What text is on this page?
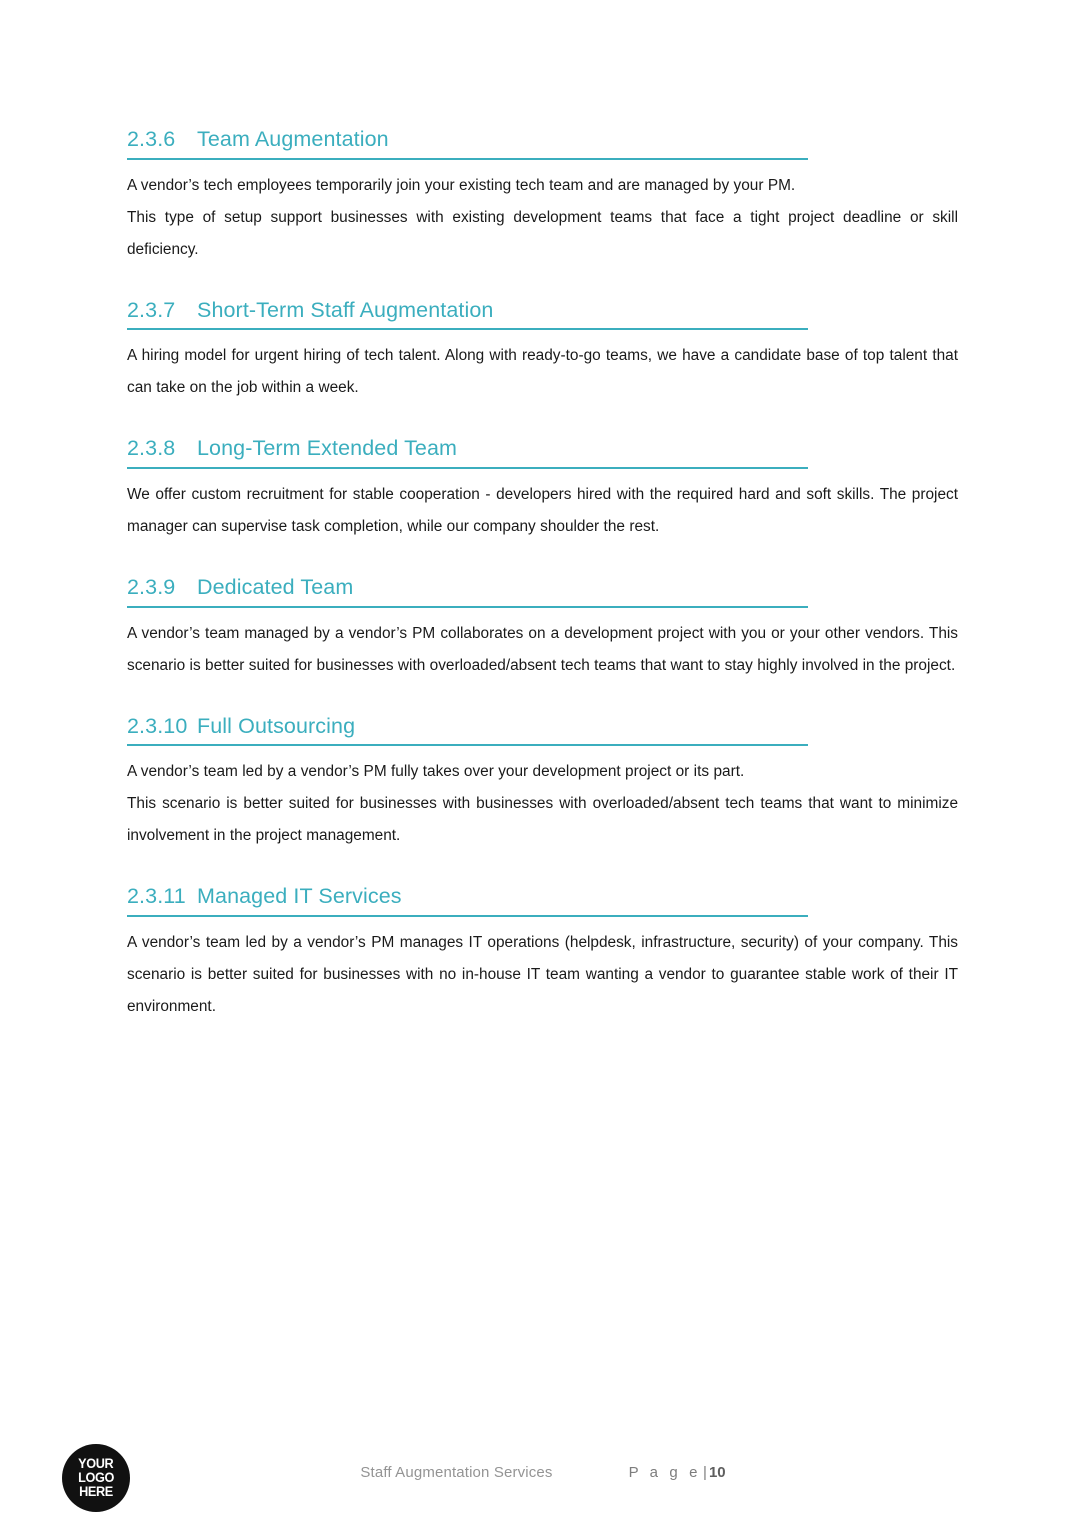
2.3.6	Team Augmentation

A vendor’s tech employees temporarily join your existing tech team and are managed by your PM.

This type of setup support businesses with existing development teams that face a tight project deadline or skill deficiency.

2.3.7	Short-Term Staff Augmentation

A hiring model for urgent hiring of tech talent. Along with ready-to-go teams, we have a candidate base of top talent that can take on the job within a week.

2.3.8	Long-Term Extended Team

We offer custom recruitment for stable cooperation - developers hired with the required hard and soft skills. The project manager can supervise task completion, while our company shoulder the rest.

2.3.9	Dedicated Team

A vendor’s team managed by a vendor’s PM collaborates on a development project with you or your other vendors. This scenario is better suited for businesses with overloaded/absent tech teams that want to stay highly involved in the project.

2.3.10 Full Outsourcing

A vendor’s team led by a vendor’s PM fully takes over your development project or its part.

This scenario is better suited for businesses with businesses with overloaded/absent tech teams that want to minimize involvement in the project management.

2.3.11 Managed IT Services

A vendor’s team led by a vendor’s PM manages IT operations (helpdesk, infrastructure, security) of your company. This scenario is better suited for businesses with no in-house IT team wanting a vendor to guarantee stable work of their IT environment.

YOUR
LOGO
HERE
Staff Augmentation Services	P a g e | 10
